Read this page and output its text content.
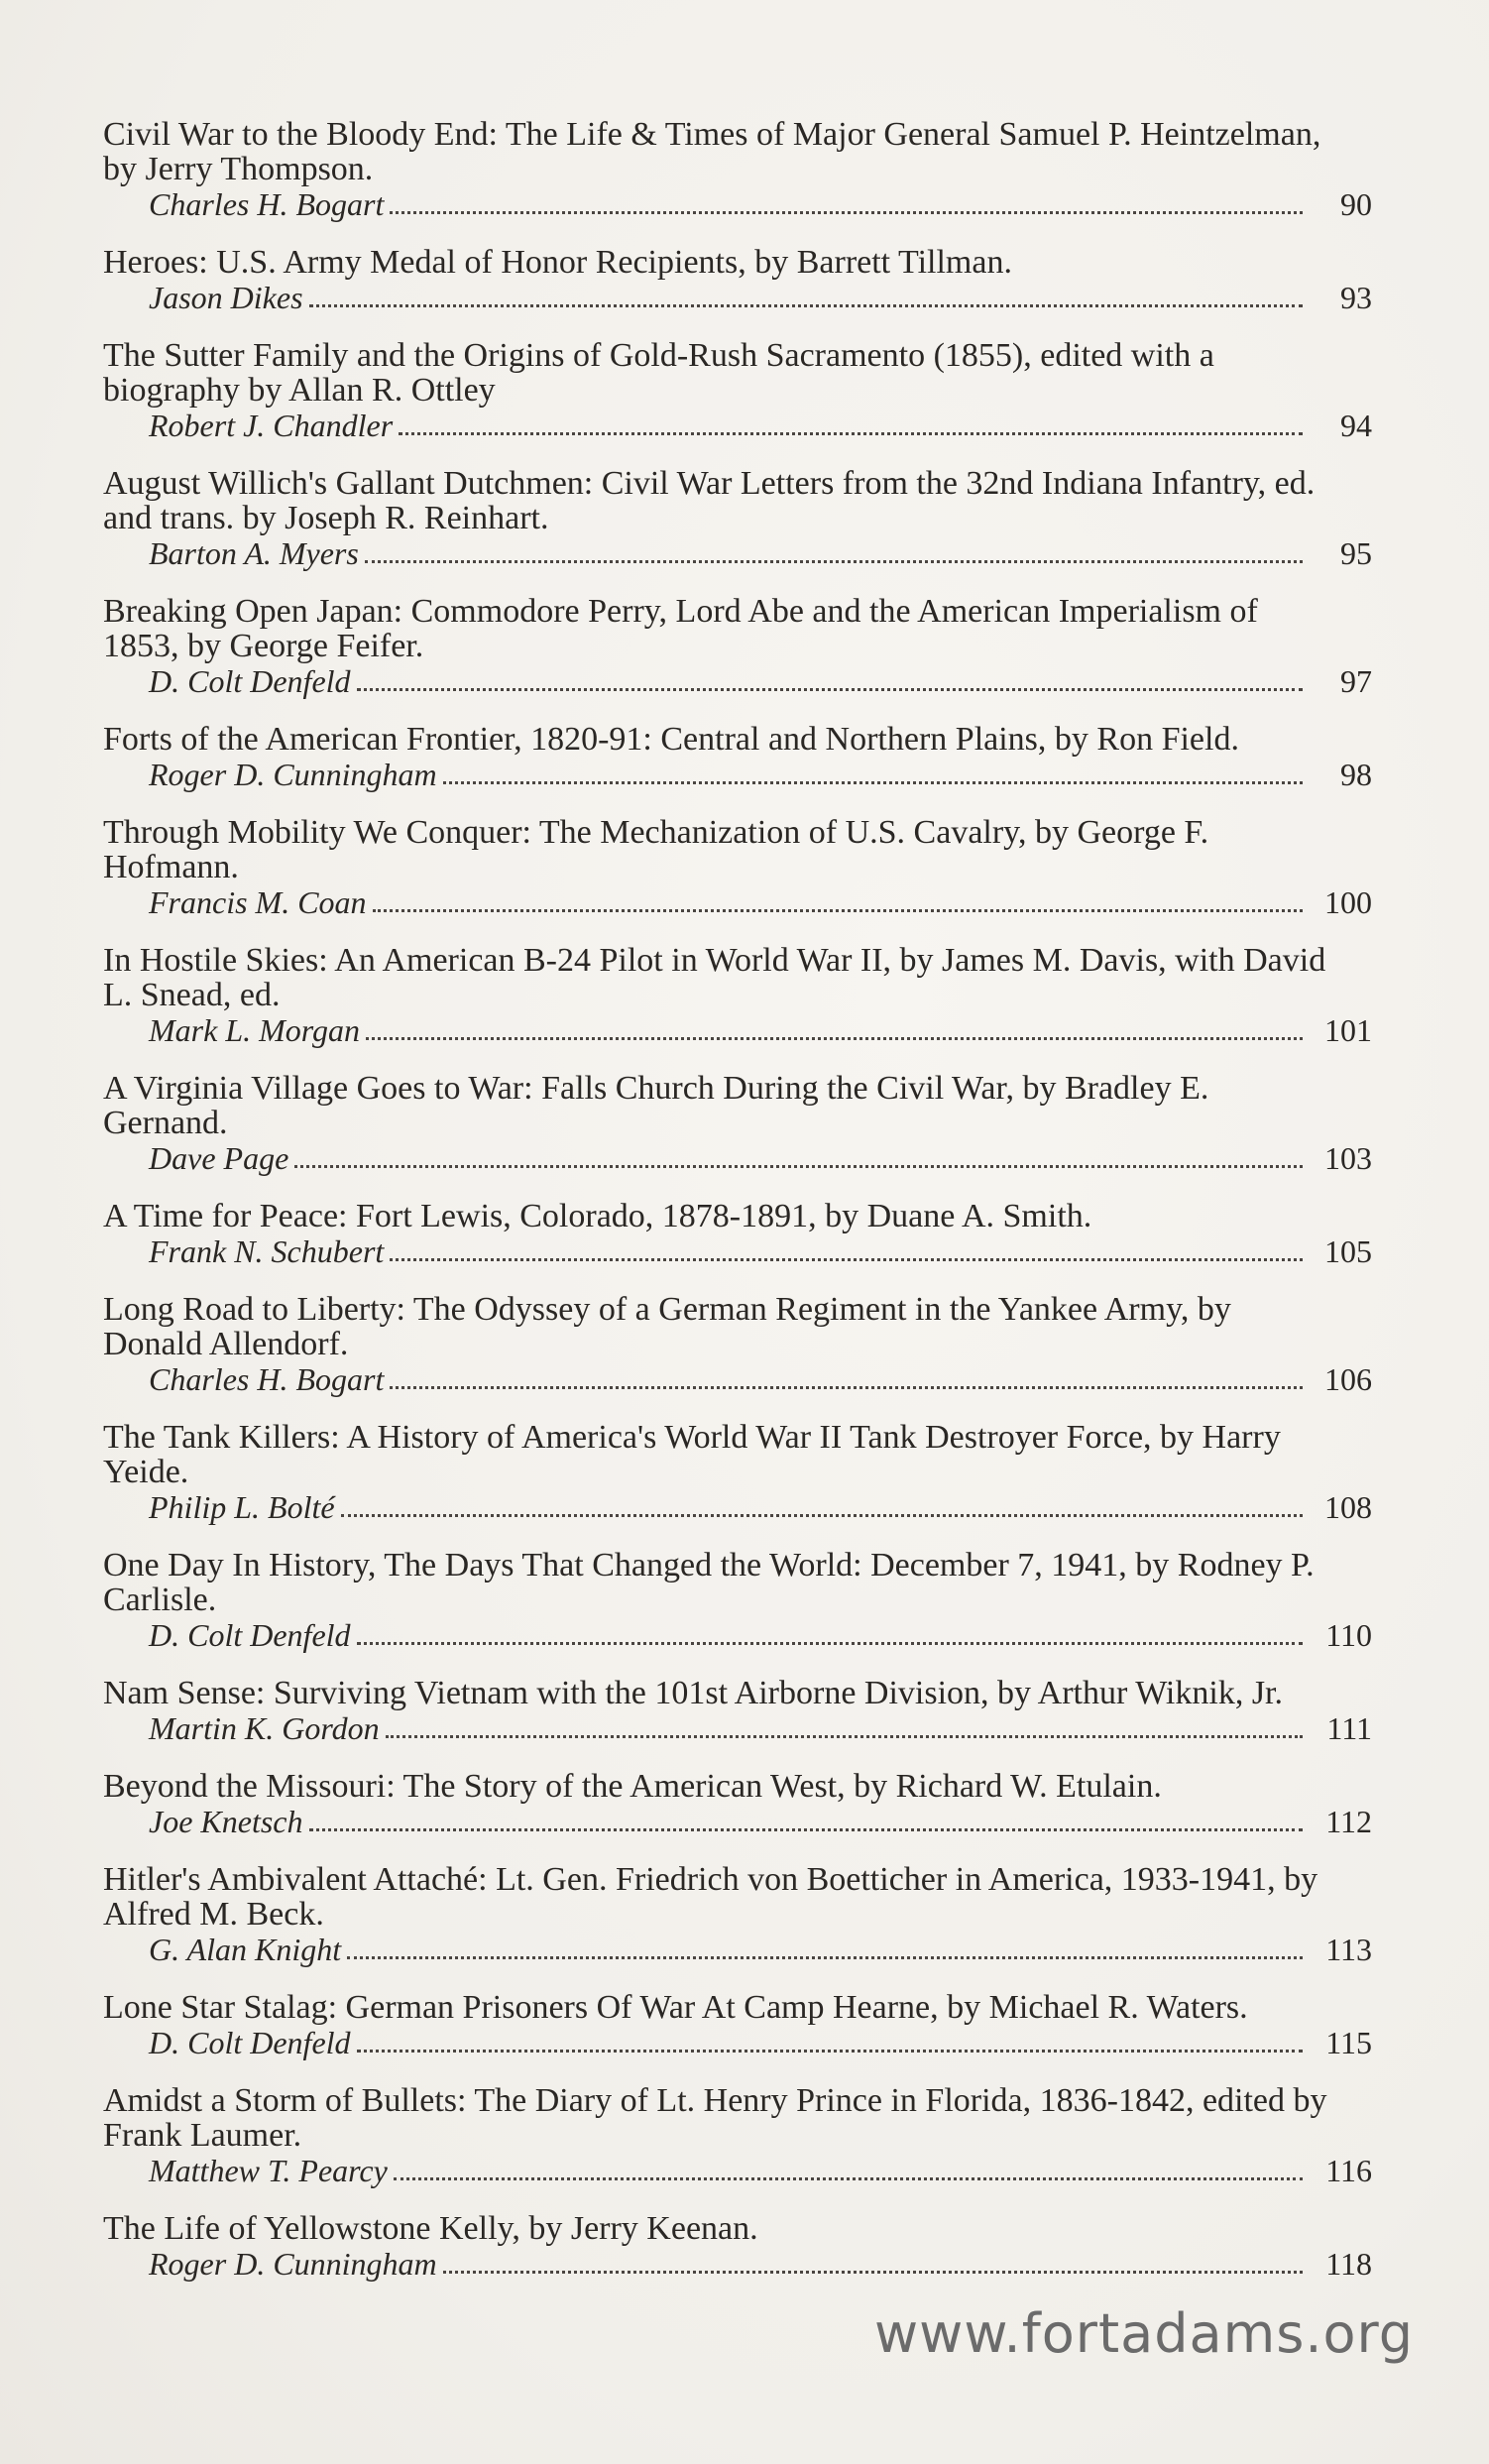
Civil War to the Bloody End: The Life & Times of Major General Samuel P. Heintzelman, by Jerry Thompson.
Charles H. Bogart	90
Heroes: U.S. Army Medal of Honor Recipients, by Barrett Tillman.
Jason Dikes	93
The Sutter Family and the Origins of Gold-Rush Sacramento (1855), edited with a biography by Allan R. Ottley
Robert J. Chandler	94
August Willich's Gallant Dutchmen: Civil War Letters from the 32nd Indiana Infantry, ed. and trans. by Joseph R. Reinhart.
Barton A. Myers	95
Breaking Open Japan: Commodore Perry, Lord Abe and the American Imperialism of 1853, by George Feifer.
D. Colt Denfeld	97
Forts of the American Frontier, 1820-91: Central and Northern Plains, by Ron Field.
Roger D. Cunningham	98
Through Mobility We Conquer: The Mechanization of U.S. Cavalry, by George F. Hofmann.
Francis M. Coan	100
In Hostile Skies: An American B-24 Pilot in World War II, by James M. Davis, with David L. Snead, ed.
Mark L. Morgan	101
A Virginia Village Goes to War: Falls Church During the Civil War, by Bradley E. Gernand.
Dave Page	103
A Time for Peace: Fort Lewis, Colorado, 1878-1891, by Duane A. Smith.
Frank N. Schubert	105
Long Road to Liberty: The Odyssey of a German Regiment in the Yankee Army, by Donald Allendorf.
Charles H. Bogart	106
The Tank Killers: A History of America's World War II Tank Destroyer Force, by Harry Yeide.
Philip L. Bolté	108
One Day In History, The Days That Changed the World: December 7, 1941, by Rodney P. Carlisle.
D. Colt Denfeld	110
Nam Sense: Surviving Vietnam with the 101st Airborne Division, by Arthur Wiknik, Jr.
Martin K. Gordon	111
Beyond the Missouri: The Story of the American West, by Richard W. Etulain.
Joe Knetsch	112
Hitler's Ambivalent Attaché: Lt. Gen. Friedrich von Boetticher in America, 1933-1941, by Alfred M. Beck.
G. Alan Knight	113
Lone Star Stalag: German Prisoners Of War At Camp Hearne, by Michael R. Waters.
D. Colt Denfeld	115
Amidst a Storm of Bullets: The Diary of Lt. Henry Prince in Florida, 1836-1842, edited by Frank Laumer.
Matthew T. Pearcy	116
The Life of Yellowstone Kelly, by Jerry Keenan.
Roger D. Cunningham	118
www.fortadams.org
